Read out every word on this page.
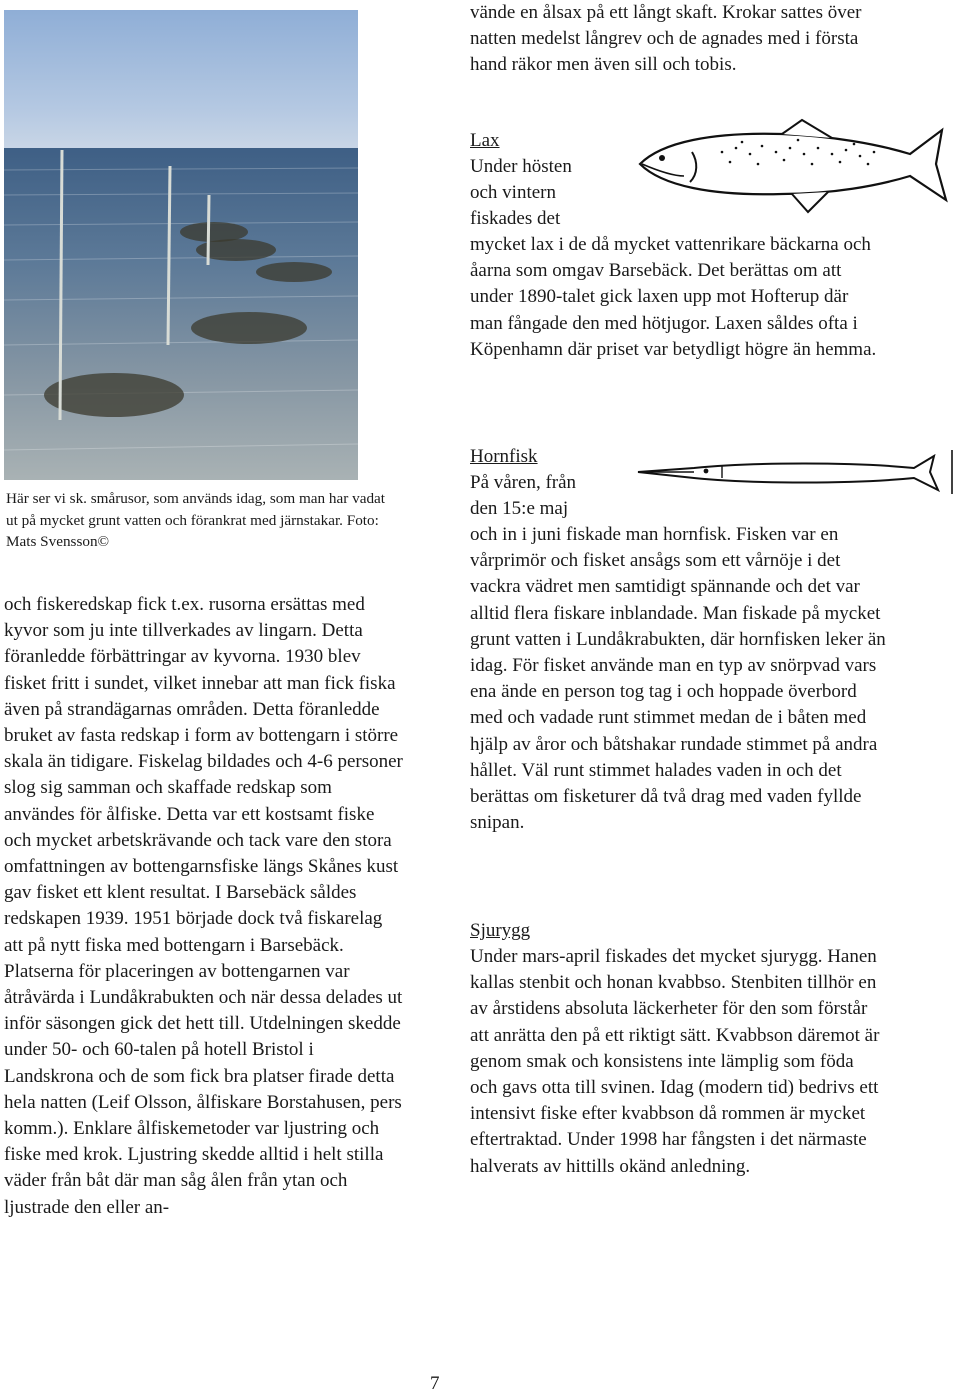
Här ser vi sk. smårusor, som används idag, som man har vadat ut på mycket grunt vatten och förankrat med järnstakar. Foto: Mats Svensson©

och fiskeredskap fick t.ex. rusorna ersättas med kyvor som ju inte tillverkades av lingarn. Detta föranledde förbättringar av kyvorna. 1930 blev fisket fritt i sundet, vilket innebar att man fick fiska även på strandägarnas områden. Detta föranledde bruket av fasta redskap i form av bottengarn i större skala än tidigare. Fiskelag bildades och 4-6 personer slog sig samman och skaffade redskap som användes för ålfiske. Detta var ett kostsamt fiske och mycket arbetskrävande och tack vare den stora omfattningen av bottengarnsfiske längs Skånes kust gav fisket ett klent resultat. I Barsebäck såldes redskapen 1939. 1951 började dock två fiskarelag att på nytt fiska med bottengarn i Barsebäck. Platserna för placeringen av bottengarnen var åtråvärda i Lundåkrabukten och när dessa delades ut inför säsongen gick det hett till. Utdelningen skedde under 50- och 60-talen på hotell Bristol i Landskrona och de som fick bra platser firade detta hela natten (Leif Olsson, ålfiskare Borstahusen, pers komm.). Enklare ålfiskemetoder var ljustring och fiske med krok. Ljustring skedde alltid i helt stilla väder från båt där man såg ålen från ytan och ljustrade den eller an-

vände en ålsax på ett långt skaft. Krokar sattes över natten medelst långrev och de agnades med i första hand räkor men även sill och tobis.

Lax

Under hösten

och vintern

fiskades det

mycket lax i de då mycket vattenrikare bäckarna och åarna som omgav Barsebäck. Det berättas om att under 1890-talet gick laxen upp mot Hofterup där man fångade den med hötjugor. Laxen såldes ofta i Köpenhamn där priset var betydligt högre än hemma.

Hornfisk

På våren, från

den 15:e maj

och in i juni fiskade man hornfisk. Fisken var en vårprimör och fisket ansågs som ett vårnöje i det vackra vädret men samtidigt spännande och det var alltid flera fiskare inblandade. Man fiskade på mycket grunt vatten i Lundåkrabukten, där hornfisken leker än idag. För fisket använde man en typ av snörpvad vars ena ände en person tog tag i och hoppade överbord med och vadade runt stimmet medan de i båten med hjälp av åror och båtshakar rundade stimmet på andra hållet. Väl runt stimmet halades vaden in och det berättas om fisketurer då två drag med vaden fyllde snipan.

Sjurygg

Under mars-april fiskades det mycket sjurygg. Hanen kallas stenbit och honan kvabbso. Stenbiten tillhör en av årstidens absoluta läckerheter för den som förstår att anrätta den på ett riktigt sätt. Kvabbson däremot är genom smak och konsistens inte lämplig som föda och gavs otta till svinen. Idag (modern tid) bedrivs ett intensivt fiske efter kvabbson då rommen är mycket eftertraktad. Under 1998 har fångsten i det närmaste halverats av hittills okänd anledning.

7
